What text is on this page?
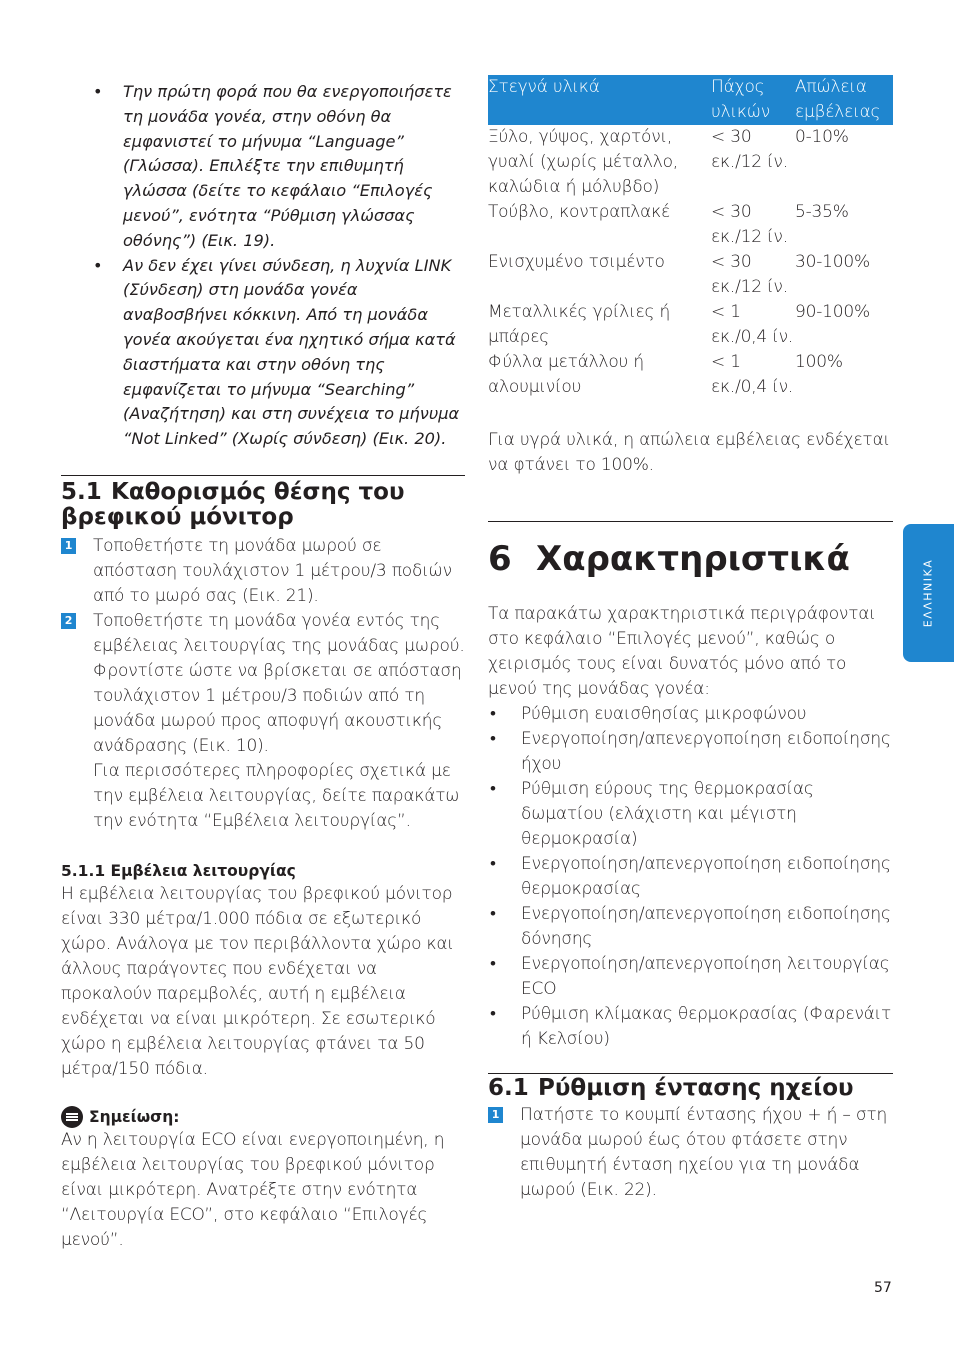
• Την πρώτη φορά που θα ενεργοποιήσετε τη μονάδα γονέα, στην οθόνη θα εμφανιστεί το μήνυμα “Language” (Γλώσσα). Επιλέξτε την επιθυμητή γλώσσα (δείτε το κεφάλαιο “Επιλογές μενού”, ενότητα “Ρύθμιση γλώσσας οθόνης”) (Εικ. 19).
• Αν δεν έχει γίνει σύνδεση, η λυχνία LINK (Σύνδεση) στη μονάδα γονέα αναβοσβήνει κόκκινη. Από τη μονάδα γονέα ακούγεται ένα ηχητικό σήμα κατά διαστήματα και στην οθόνη της εμφανίζεται το μήνυμα “Searching” (Αναζήτηση) και στη συνέχεια το μήνυμα “Not Linked” (Χωρίς σύνδεση) (Εικ. 20).
5.1 Καθορισμός θέσης του βρεφικού μόνιτορ
1 Τοποθετήστε τη μονάδα μωρού σε απόσταση τουλάχιστον 1 μέτρου/3 ποδιών από το μωρό σας (Εικ. 21).
2 Τοποθετήστε τη μονάδα γονέα εντός της εμβέλειας λειτουργίας της μονάδας μωρού. Φροντίστε ώστε να βρίσκεται σε απόσταση τουλάχιστον 1 μέτρου/3 ποδιών από τη μονάδα μωρού προς αποφυγή ακουστικής ανάδρασης (Εικ. 10).
Για περισσότερες πληροφορίες σχετικά με την εμβέλεια λειτουργίας, δείτε παρακάτω την ενότητα “Εμβέλεια λειτουργίας”.
5.1.1 Εμβέλεια λειτουργίας
Η εμβέλεια λειτουργίας του βρεφικού μόνιτορ είναι 330 μέτρα/1.000 πόδια σε εξωτερικό χώρο. Ανάλογα με τον περιβάλλοντα χώρο και άλλους παράγοντες που ενδέχεται να προκαλούν παρεμβολές, αυτή η εμβέλεια ενδέχεται να είναι μικρότερη. Σε εσωτερικό χώρο η εμβέλεια λειτουργίας φτάνει τα 50 μέτρα/150 πόδια.
Σημείωση:
Αν η λειτουργία ECO είναι ενεργοποιημένη, η εμβέλεια λειτουργίας του βρεφικού μόνιτορ είναι μικρότερη. Ανατρέξτε στην ενότητα “Λειτουργία ECO”, στο κεφάλαιο “Επιλογές μενού”.
Στεγνά υλικά	Πάχος υλικών	Απώλεια εμβέλειας
Ξύλο, γύψος, χαρτόνι, γυαλί (χωρίς μέταλλο, καλώδια ή μόλυβδο)	< 30 εκ./12 ίν.	0-10%
Τούβλο, κοντραπλακέ	< 30 εκ./12 ίν.	5-35%
Ενισχυμένο τσιμέντο	< 30 εκ./12 ίν.	30-100%
Μεταλλικές γρίλιες ή μπάρες	< 1 εκ./0,4 ίν.	90-100%
Φύλλα μετάλλου ή αλουμινίου	< 1 εκ./0,4 ίν.	100%
Για υγρά υλικά, η απώλεια εμβέλειας ενδέχεται να φτάνει το 100%.
6 Χαρακτηριστικά
Τα παρακάτω χαρακτηριστικά περιγράφονται στο κεφάλαιο “Επιλογές μενού”, καθώς ο χειρισμός τους είναι δυνατός μόνο από το μενού της μονάδας γονέα:
• Ρύθμιση ευαισθησίας μικροφώνου
• Ενεργοποίηση/απενεργοποίηση ειδοποίησης ήχου
• Ρύθμιση εύρους της θερμοκρασίας δωματίου (ελάχιστη και μέγιστη θερμοκρασία)
• Ενεργοποίηση/απενεργοποίηση ειδοποίησης θερμοκρασίας
• Ενεργοποίηση/απενεργοποίηση ειδοποίησης δόνησης
• Ενεργοποίηση/απενεργοποίηση λειτουργίας ECO
• Ρύθμιση κλίμακας θερμοκρασίας (Φαρενάιτ ή Κελσίου)
6.1 Ρύθμιση έντασης ηχείου
1 Πατήστε το κουμπί έντασης ήχου + ή – στη μονάδα μωρού έως ότου φτάσετε στην επιθυμητή ένταση ηχείου για τη μονάδα μωρού (Εικ. 22).
ΕΛΛΗΝΙΚΑ
57
